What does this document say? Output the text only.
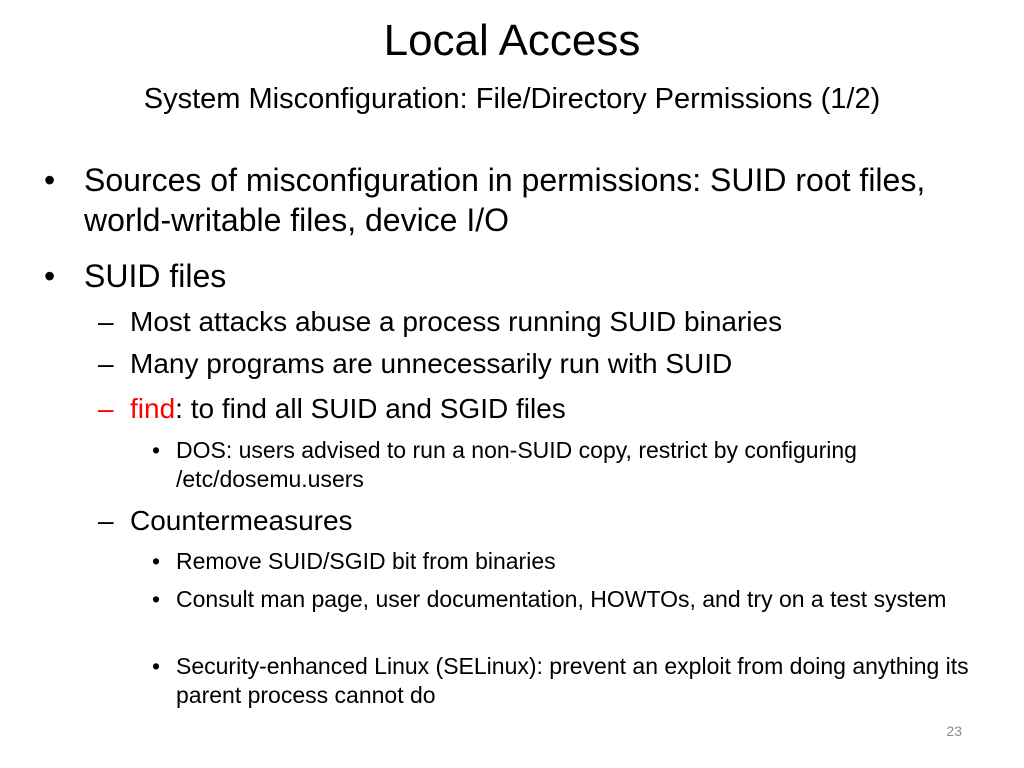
Local Access
System Misconfiguration: File/Directory Permissions (1/2)
• Sources of misconfiguration in permissions: SUID root files, world-writable files, device I/O
• SUID files
– Most attacks abuse a process running SUID binaries
– Many programs are unnecessarily run with SUID
– find: to find all SUID and SGID files
• DOS: users advised to run a non-SUID copy, restrict by configuring /etc/dosemu.users
– Countermeasures
• Remove SUID/SGID bit from binaries
• Consult man page, user documentation, HOWTOs, and try on a test system
• Security-enhanced Linux (SELinux): prevent an exploit from doing anything its parent process cannot do
23
